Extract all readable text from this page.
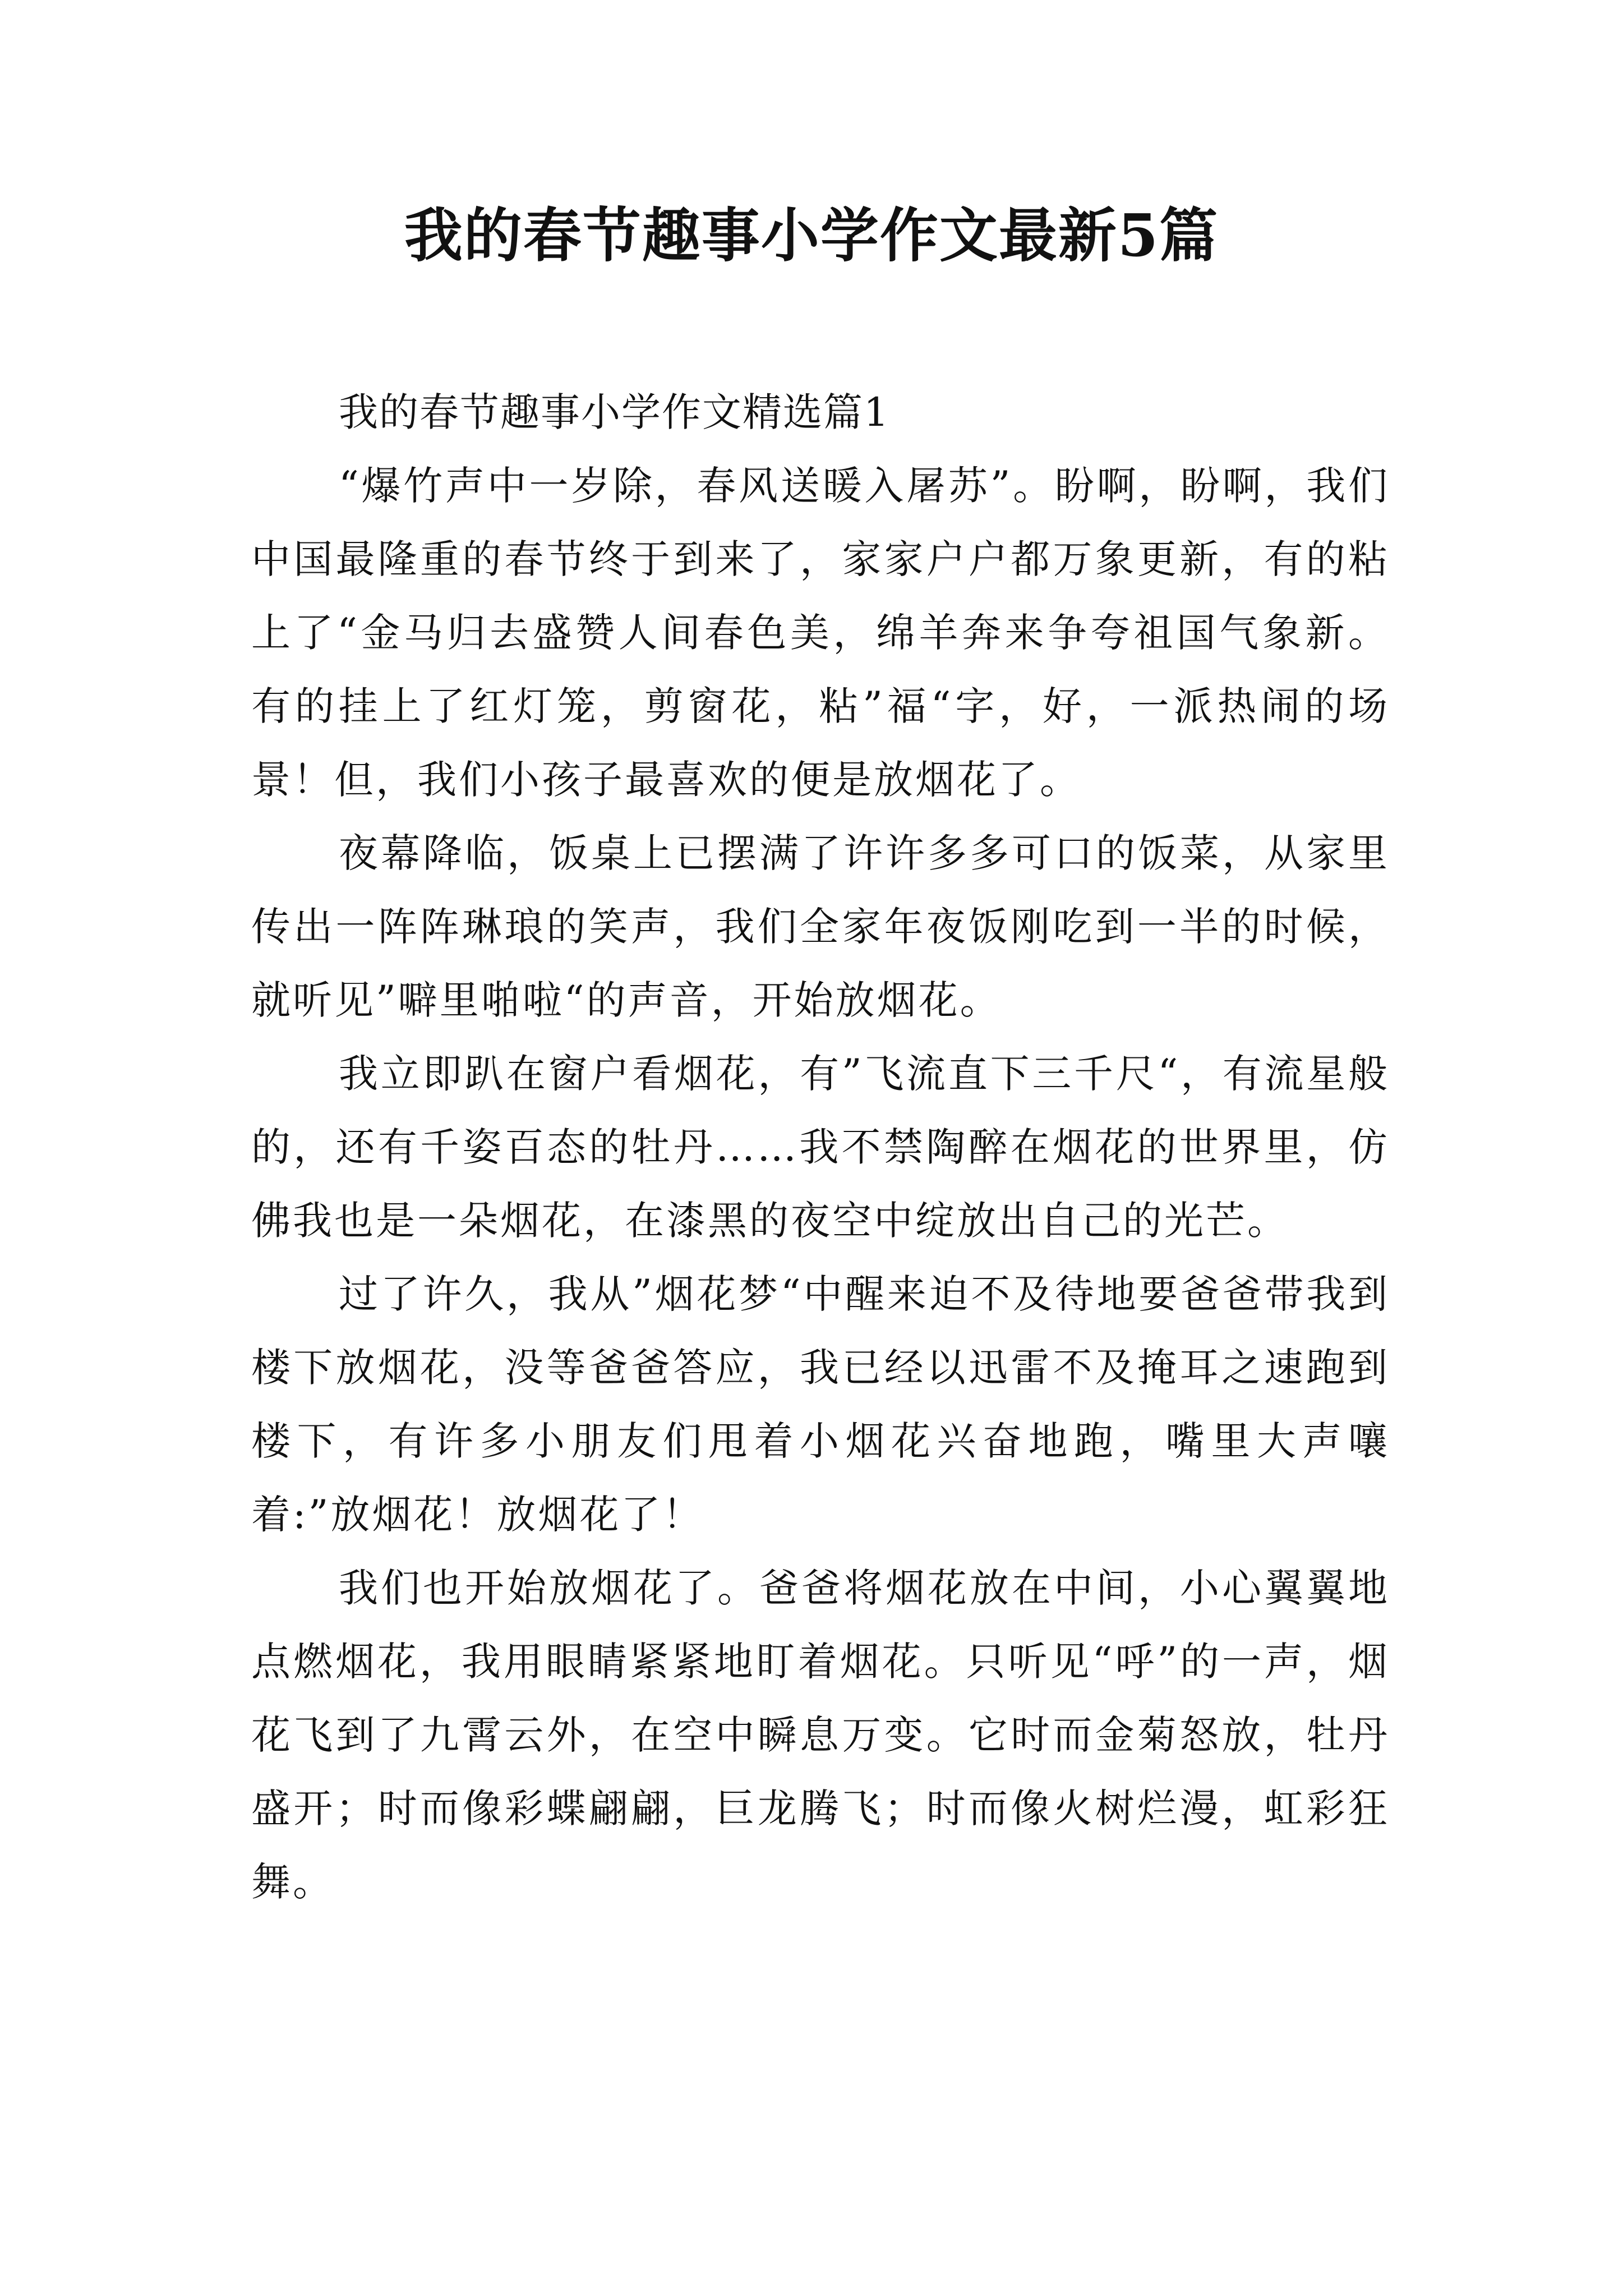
我的春节趣事小学作文最新5篇

我的春节趣事小学作文精选篇1

“爆竹声中一岁除，春风送暖入屠苏”。盼啊，盼啊，我们中国最隆重的春节终于到来了，家家户户都万象更新，有的粘上了“金马归去盛赞人间春色美，绵羊奔来争夸祖国气象新。有的挂上了红灯笼，剪窗花，粘”福“字，好，一派热闹的场景！但，我们小孩子最喜欢的便是放烟花了。

夜幕降临，饭桌上已摆满了许许多多可口的饭菜，从家里传出一阵阵琳琅的笑声，我们全家年夜饭刚吃到一半的时候，就听见”噼里啪啦“的声音，开始放烟花。

我立即趴在窗户看烟花，有”飞流直下三千尺“，有流星般的，还有千姿百态的牡丹……我不禁陶醉在烟花的世界里，仿佛我也是一朵烟花，在漆黑的夜空中绽放出自己的光芒。

过了许久，我从”烟花梦“中醒来迫不及待地要爸爸带我到楼下放烟花，没等爸爸答应，我已经以迅雷不及掩耳之速跑到楼下，有许多小朋友们甩着小烟花兴奋地跑，嘴里大声嚷着:”放烟花！放烟花了！

我们也开始放烟花了。爸爸将烟花放在中间，小心翼翼地点燃烟花，我用眼睛紧紧地盯着烟花。只听见“呼”的一声，烟花飞到了九霄云外，在空中瞬息万变。它时而金菊怒放，牡丹盛开；时而像彩蝶翩翩，巨龙腾飞；时而像火树烂漫，虹彩狂舞。
